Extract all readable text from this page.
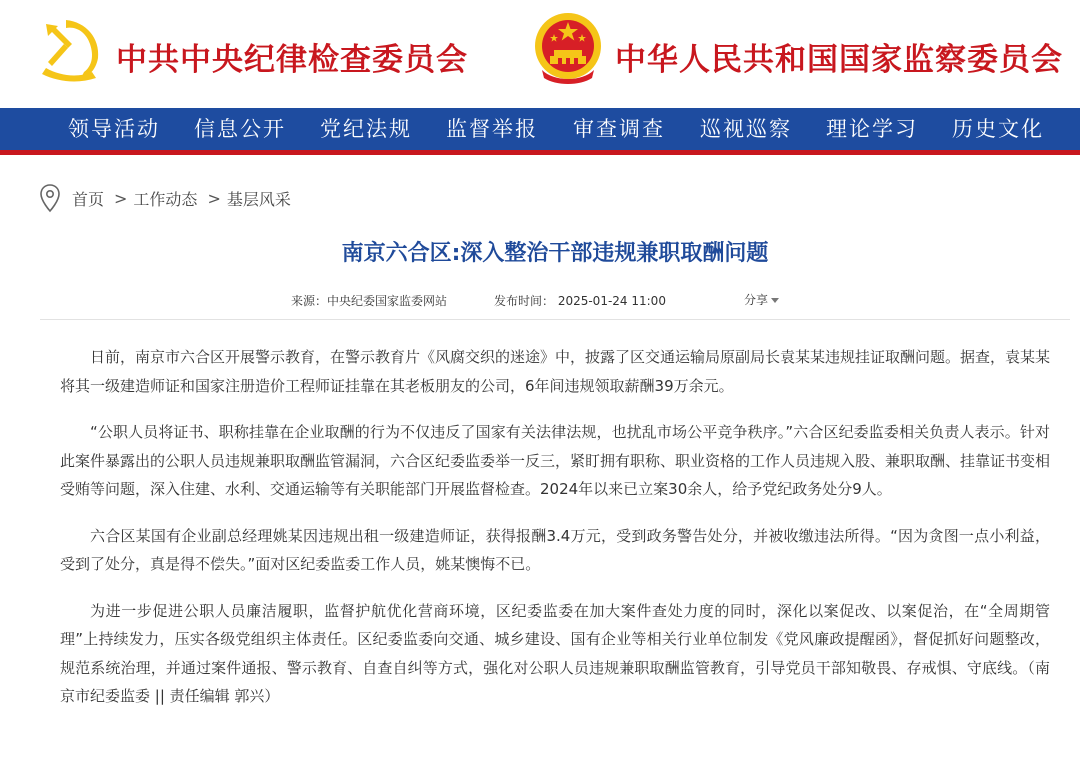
中共中央纪律检查委员会	中华人民共和国国家监察委员会
领导活动 信息公开 党纪法规 监督举报 审查调查 巡视巡察 理论学习 历史文化
首页 > 工作动态 > 基层风采
南京六合区:深入整治干部违规兼职取酬问题
来源：中央纪委国家监委网站	发布时间： 2025-01-24 11:00	分享

日前，南京市六合区开展警示教育，在警示教育片《风腐交织的迷途》中，披露了区交通运输局原副局长袁某某违规挂证取酬问题。据查，袁某某将其一级建造师证和国家注册造价工程师证挂靠在其老板朋友的公司，6年间违规领取薪酬39万余元。

“公职人员将证书、职称挂靠在企业取酬的行为不仅违反了国家有关法律法规，也扰乱市场公平竞争秩序。”六合区纪委监委相关负责人表示。针对此案件暴露出的公职人员违规兼职取酬监管漏洞，六合区纪委监委举一反三，紧盯拥有职称、职业资格的工作人员违规入股、兼职取酬、挂靠证书变相受贿等问题，深入住建、水利、交通运输等有关职能部门开展监督检查。2024年以来已立案30余人，给予党纪政务处分9人。

六合区某国有企业副总经理姚某因违规出租一级建造师证，获得报酬3.4万元，受到政务警告处分，并被收缴违法所得。“因为贪图一点小利益，受到了处分，真是得不偿失。”面对区纪委监委工作人员，姚某懊悔不已。

为进一步促进公职人员廉洁履职，监督护航优化营商环境，区纪委监委在加大案件查处力度的同时，深化以案促改、以案促治，在“全周期管理”上持续发力，压实各级党组织主体责任。区纪委监委向交通、城乡建设、国有企业等相关行业单位制发《党风廉政提醒函》，督促抓好问题整改，规范系统治理，并通过案件通报、警示教育、自查自纠等方式，强化对公职人员违规兼职取酬监管教育，引导党员干部知敬畏、存戒惧、守底线。（南京市纪委监委 || 责任编辑 郭兴）
